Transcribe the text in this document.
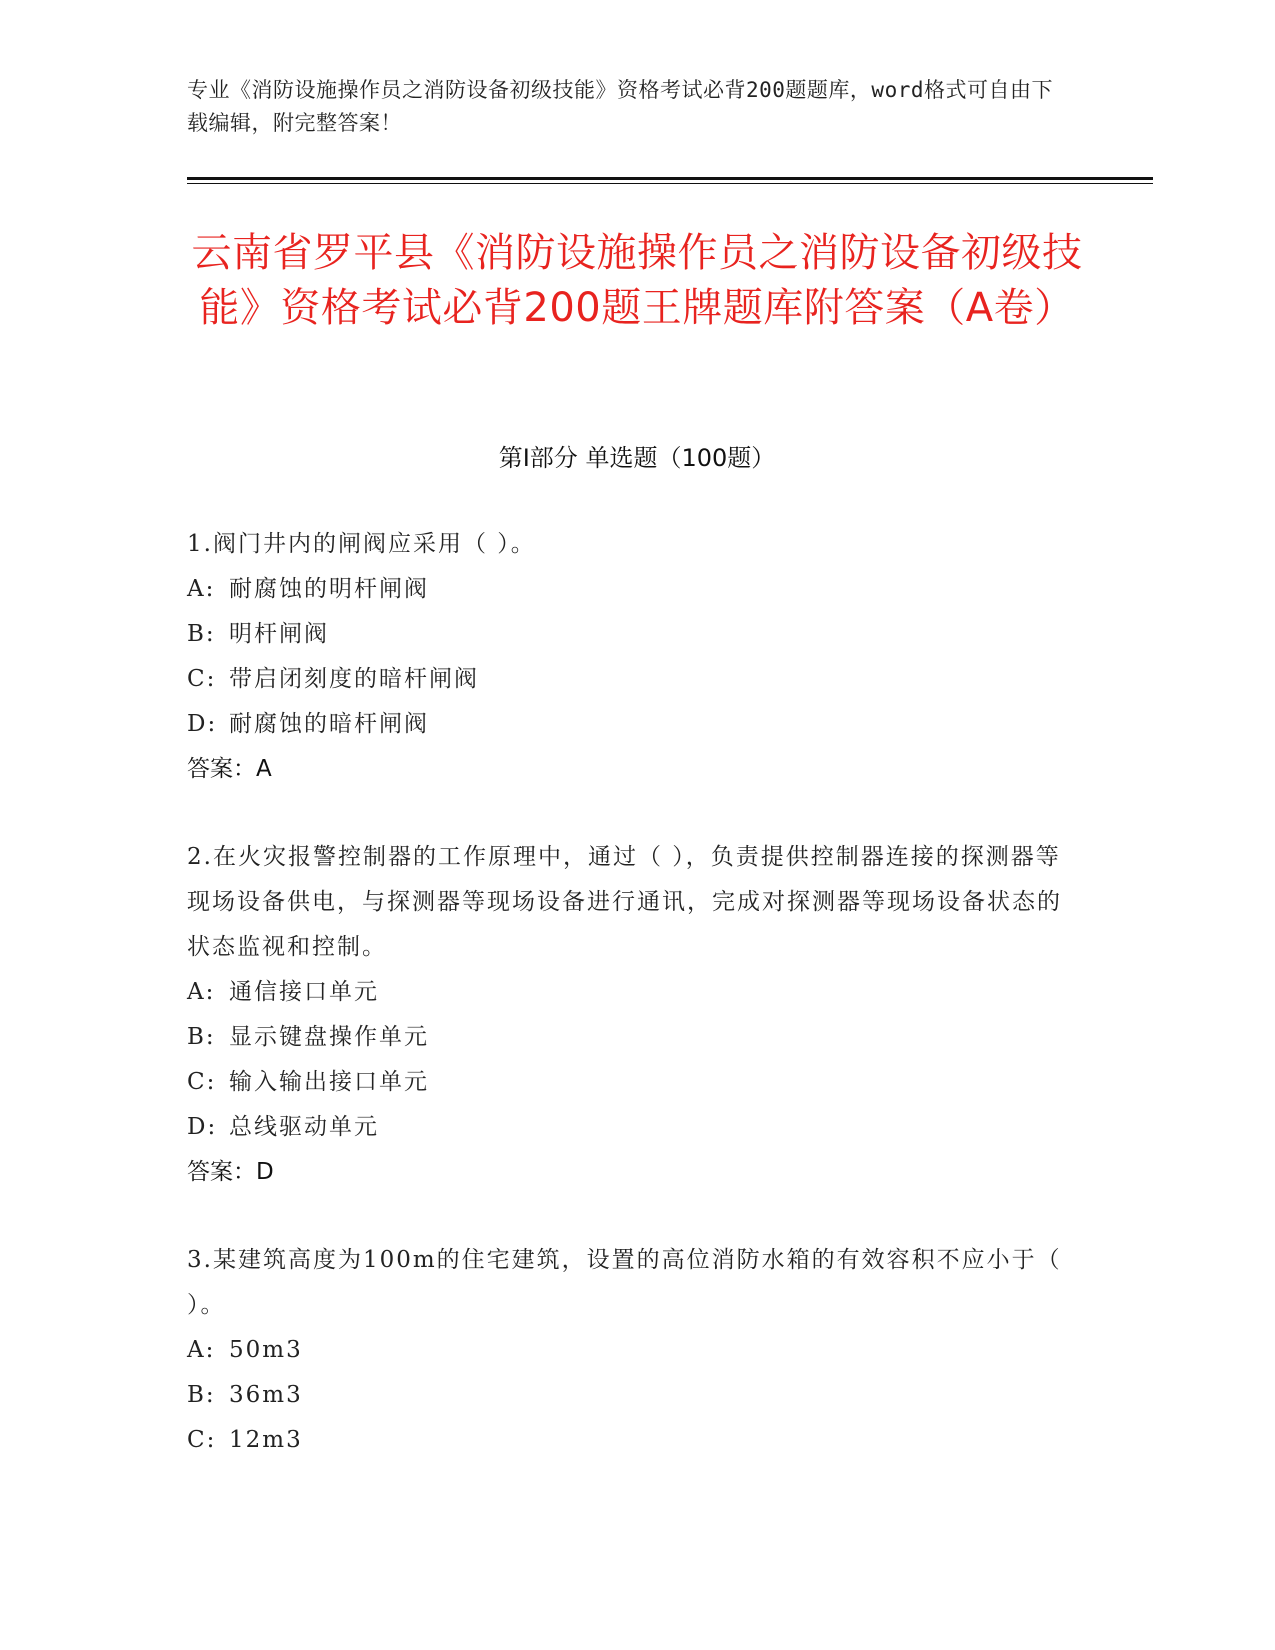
专业《消防设施操作员之消防设备初级技能》资格考试必背200题题库，word格式可自由下载编辑，附完整答案！
云南省罗平县《消防设施操作员之消防设备初级技能》资格考试必背200题王牌题库附答案（A卷）
第I部分 单选题（100题）
1.阀门井内的闸阀应采用（ ）。
A: 耐腐蚀的明杆闸阀
B: 明杆闸阀
C: 带启闭刻度的暗杆闸阀
D: 耐腐蚀的暗杆闸阀
答案：A
2.在火灾报警控制器的工作原理中，通过（ ），负责提供控制器连接的探测器等现场设备供电，与探测器等现场设备进行通讯，完成对探测器等现场设备状态的状态监视和控制。
A: 通信接口单元
B: 显示键盘操作单元
C: 输入输出接口单元
D: 总线驱动单元
答案：D
3.某建筑高度为100m的住宅建筑，设置的高位消防水箱的有效容积不应小于（ ）。
A: 50m3
B: 36m3
C: 12m3
